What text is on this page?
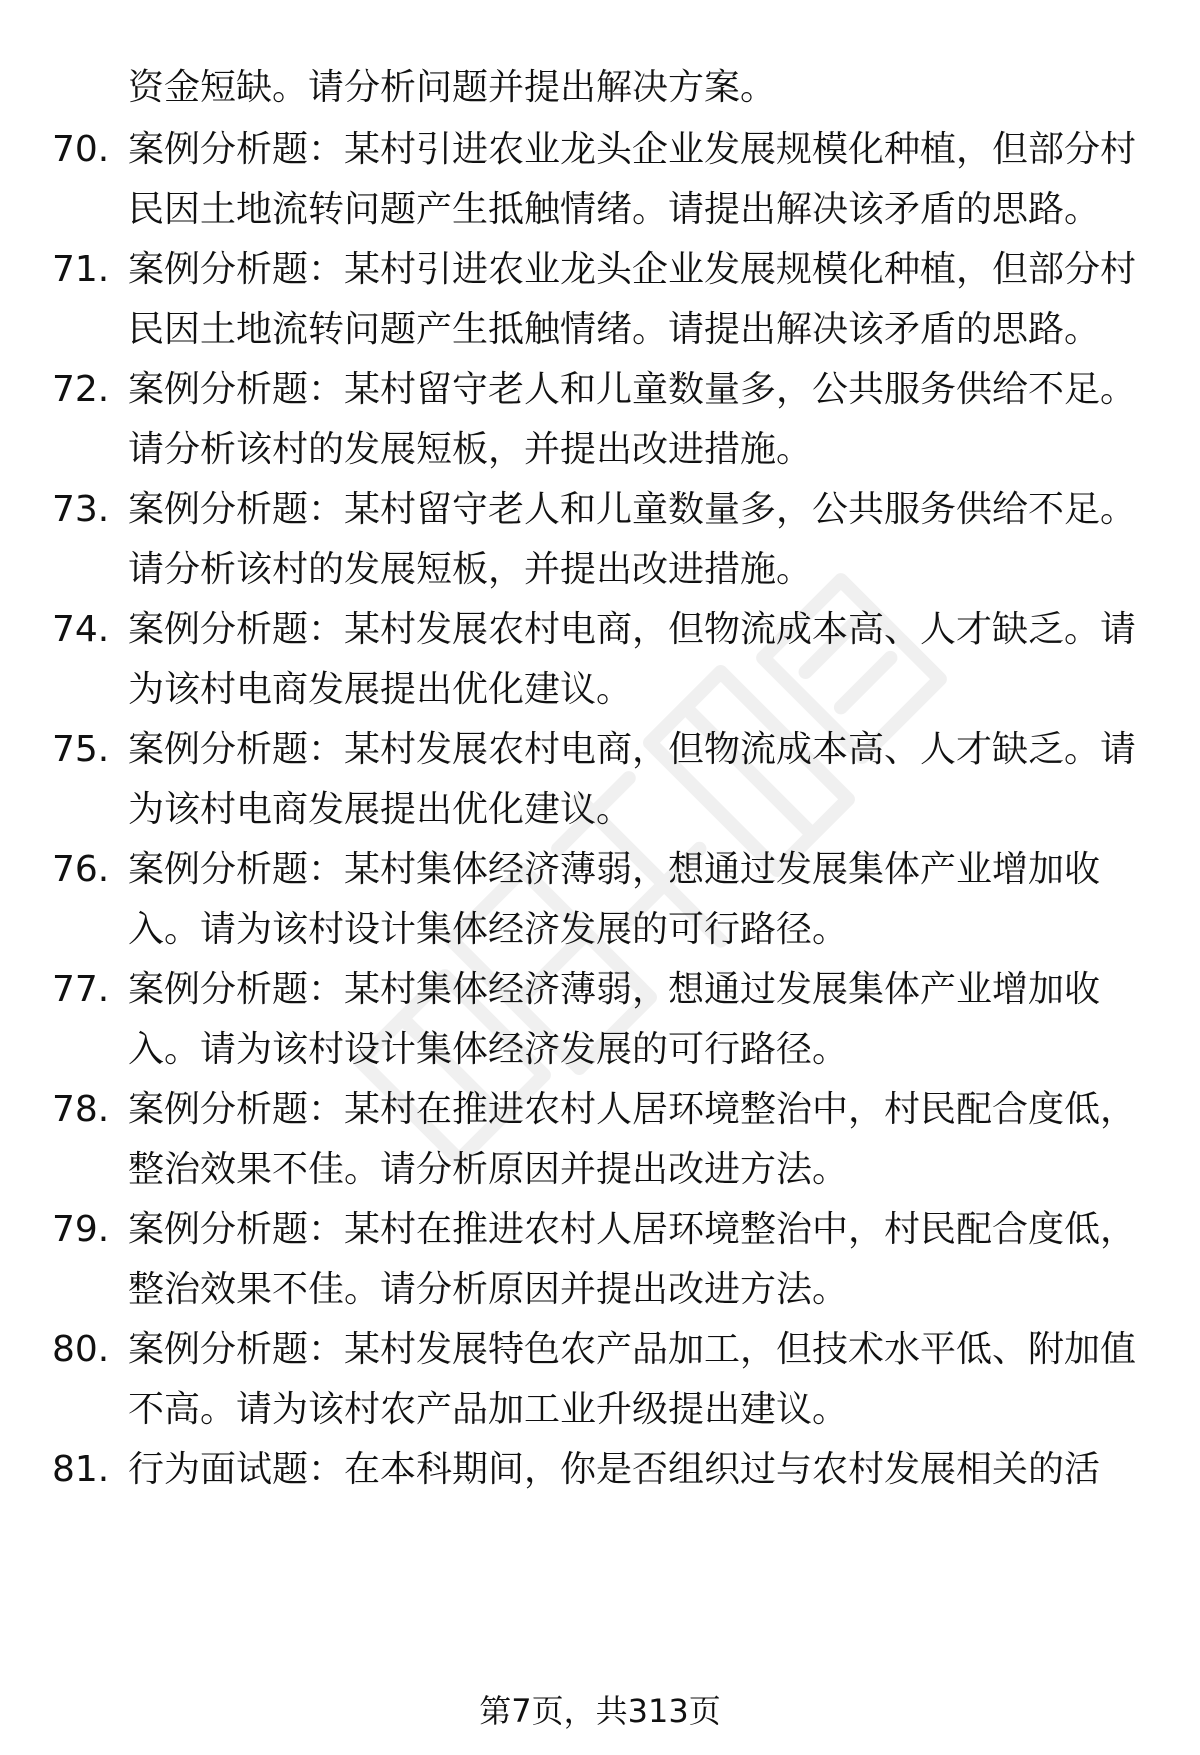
资金短缺。请分析问题并提出解决方案。
70. 案例分析题：某村引进农业龙头企业发展规模化种植，但部分村
民因土地流转问题产生抵触情绪。请提出解决该矛盾的思路。
71. 案例分析题：某村引进农业龙头企业发展规模化种植，但部分村
民因土地流转问题产生抵触情绪。请提出解决该矛盾的思路。
72. 案例分析题：某村留守老人和儿童数量多，公共服务供给不足。
请分析该村的发展短板，并提出改进措施。
73. 案例分析题：某村留守老人和儿童数量多，公共服务供给不足。
请分析该村的发展短板，并提出改进措施。
74. 案例分析题：某村发展农村电商，但物流成本高、人才缺乏。请
为该村电商发展提出优化建议。
75. 案例分析题：某村发展农村电商，但物流成本高、人才缺乏。请
为该村电商发展提出优化建议。
76. 案例分析题：某村集体经济薄弱，想通过发展集体产业增加收
入。请为该村设计集体经济发展的可行路径。
77. 案例分析题：某村集体经济薄弱，想通过发展集体产业增加收
入。请为该村设计集体经济发展的可行路径。
78. 案例分析题：某村在推进农村人居环境整治中，村民配合度低，
整治效果不佳。请分析原因并提出改进方法。
79. 案例分析题：某村在推进农村人居环境整治中，村民配合度低，
整治效果不佳。请分析原因并提出改进方法。
80. 案例分析题：某村发展特色农产品加工，但技术水平低、附加值
不高。请为该村农产品加工业升级提出建议。
81. 行为面试题：在本科期间，你是否组织过与农村发展相关的活
第7页，共313页
